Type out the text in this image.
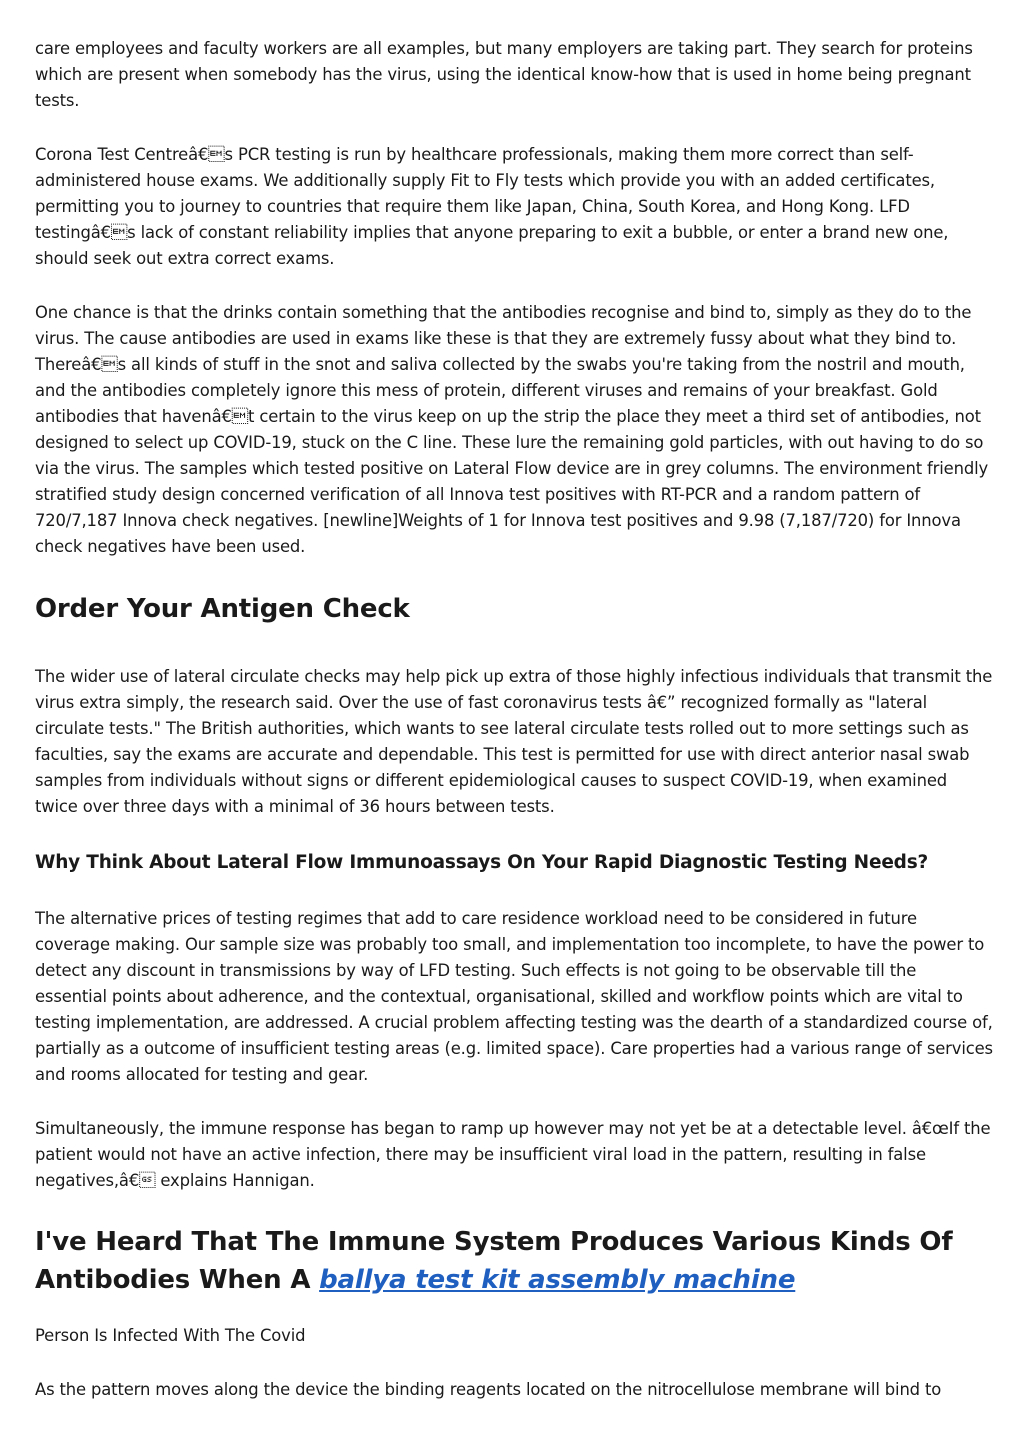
care employees and faculty workers are all examples, but many employers are taking part. They search for proteins which are present when somebody has the virus, using the identical know-how that is used in home being pregnant tests.

Corona Test Centreâ€s PCR testing is run by healthcare professionals, making them more correct than self-administered house exams. We additionally supply Fit to Fly tests which provide you with an added certificates, permitting you to journey to countries that require them like Japan, China, South Korea, and Hong Kong. LFD testingâ€s lack of constant reliability implies that anyone preparing to exit a bubble, or enter a brand new one, should seek out extra correct exams.

One chance is that the drinks contain something that the antibodies recognise and bind to, simply as they do to the virus. The cause antibodies are used in exams like these is that they are extremely fussy about what they bind to. Thereâ€s all kinds of stuff in the snot and saliva collected by the swabs you're taking from the nostril and mouth, and the antibodies completely ignore this mess of protein, different viruses and remains of your breakfast. Gold antibodies that havenâ€t certain to the virus keep on up the strip the place they meet a third set of antibodies, not designed to select up COVID-19, stuck on the C line. These lure the remaining gold particles, with out having to do so via the virus. The samples which tested positive on Lateral Flow device are in grey columns. The environment friendly stratified study design concerned verification of all Innova test positives with RT-PCR and a random pattern of 720/7,187 Innova check negatives. [newline]Weights of 1 for Innova test positives and 9.98 (7,187/720) for Innova check negatives have been used.

Order Your Antigen Check

The wider use of lateral circulate checks may help pick up extra of those highly infectious individuals that transmit the virus extra simply, the research said. Over the use of fast coronavirus tests â€” recognized formally as "lateral circulate tests." The British authorities, which wants to see lateral circulate tests rolled out to more settings such as faculties, say the exams are accurate and dependable. This test is permitted for use with direct anterior nasal swab samples from individuals without signs or different epidemiological causes to suspect COVID-19, when examined twice over three days with a minimal of 36 hours between tests.

Why Think About Lateral Flow Immunoassays On Your Rapid Diagnostic Testing Needs?

The alternative prices of testing regimes that add to care residence workload need to be considered in future coverage making. Our sample size was probably too small, and implementation too incomplete, to have the power to detect any discount in transmissions by way of LFD testing. Such effects is not going to be observable till the essential points about adherence, and the contextual, organisational, skilled and workflow points which are vital to testing implementation, are addressed. A crucial problem affecting testing was the dearth of a standardized course of, partially as a outcome of insufficient testing areas (e.g. limited space). Care properties had a various range of services and rooms allocated for testing and gear.

Simultaneously, the immune response has began to ramp up however may not yet be at a detectable level. â€œIf the patient would not have an active infection, there may be insufficient viral load in the pattern, resulting in false negatives,â€ explains Hannigan.

I've Heard That The Immune System Produces Various Kinds Of Antibodies When A ballya test kit assembly machine

Person Is Infected With The Covid

As the pattern moves along the device the binding reagents located on the nitrocellulose membrane will bind to
